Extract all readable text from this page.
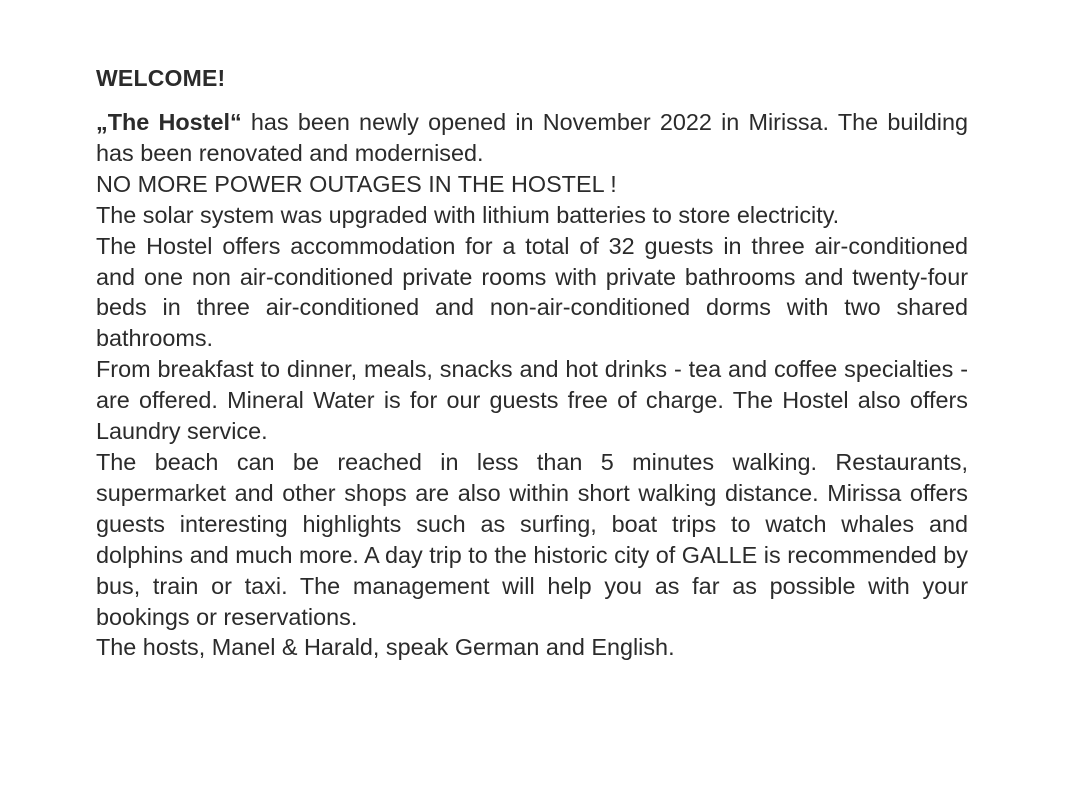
WELCOME!

„The Hostel“ has been newly opened in November 2022 in Mirissa. The building has been renovated and modernised.

NO MORE POWER OUTAGES IN THE HOSTEL !

The solar system was upgraded with lithium batteries to store electricity.

The Hostel offers accommodation for a total of 32 guests in three air-conditioned and one non air-conditioned private rooms with private bathrooms and twenty-four beds in three air-conditioned and non-air-conditioned dorms with two shared bathrooms.

From breakfast to dinner, meals, snacks and hot drinks - tea and coffee specialties - are offered. Mineral Water is for our guests free of charge. The Hostel also offers Laundry service.

The beach can be reached in less than 5 minutes walking. Restaurants, supermarket and other shops are also within short walking distance. Mirissa offers guests interesting highlights such as surfing, boat trips to watch whales and dolphins and much more. A day trip to the historic city of GALLE is recommended by bus, train or taxi. The management will help you as far as possible with your bookings or reservations.

The hosts, Manel & Harald, speak German and English.
